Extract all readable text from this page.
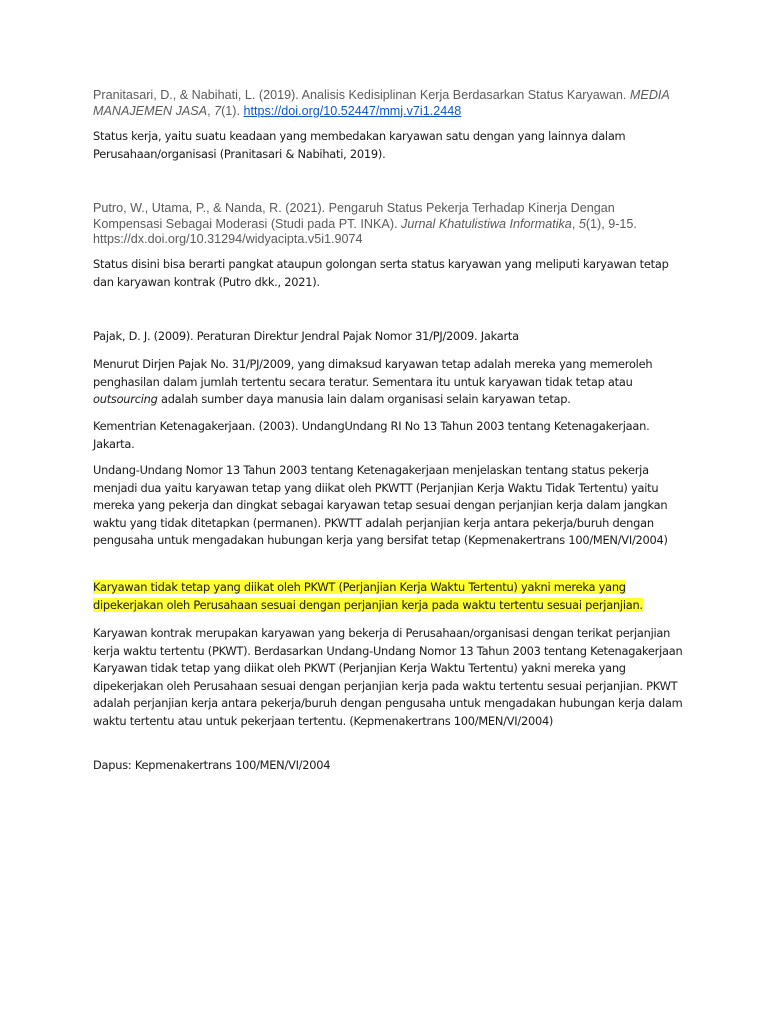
Pranitasari, D., & Nabihati, L. (2019). Analisis Kedisiplinan Kerja Berdasarkan Status Karyawan. MEDIA MANAJEMEN JASA, 7(1). https://doi.org/10.52447/mmj.v7i1.2448

Status kerja, yaitu suatu keadaan yang membedakan karyawan satu dengan yang lainnya dalam Perusahaan/organisasi (Pranitasari & Nabihati, 2019).

Putro, W., Utama, P., & Nanda, R. (2021). Pengaruh Status Pekerja Terhadap Kinerja Dengan Kompensasi Sebagai Moderasi (Studi pada PT. INKA). Jurnal Khatulistiwa Informatika, 5(1), 9-15. https://dx.doi.org/10.31294/widyacipta.v5i1.9074

Status disini bisa berarti pangkat ataupun golongan serta status karyawan yang meliputi karyawan tetap dan karyawan kontrak (Putro dkk., 2021).

Pajak, D. J. (2009). Peraturan Direktur Jendral Pajak Nomor 31/PJ/2009. Jakarta

Menurut Dirjen Pajak No. 31/PJ/2009, yang dimaksud karyawan tetap adalah mereka yang memeroleh penghasilan dalam jumlah tertentu secara teratur. Sementara itu untuk karyawan tidak tetap atau outsourcing adalah sumber daya manusia lain dalam organisasi selain karyawan tetap.

Kementrian Ketenagakerjaan. (2003). UndangUndang RI No 13 Tahun 2003 tentang Ketenagakerjaan. Jakarta.

Undang-Undang Nomor 13 Tahun 2003 tentang Ketenagakerjaan menjelaskan tentang status pekerja menjadi dua yaitu karyawan tetap yang diikat oleh PKWTT (Perjanjian Kerja Waktu Tidak Tertentu) yaitu mereka yang pekerja dan dingkat sebagai karyawan tetap sesuai dengan perjanjian kerja dalam jangkan waktu yang tidak ditetapkan (permanen). PKWTT adalah perjanjian kerja antara pekerja/buruh dengan pengusaha untuk mengadakan hubungan kerja yang bersifat tetap (Kepmenakertrans 100/MEN/VI/2004)

Karyawan tidak tetap yang diikat oleh PKWT (Perjanjian Kerja Waktu Tertentu) yakni mereka yang
dipekerjakan oleh Perusahaan sesuai dengan perjanjian kerja pada waktu tertentu sesuai perjanjian.

Karyawan kontrak merupakan karyawan yang bekerja di Perusahaan/organisasi dengan terikat perjanjian kerja waktu tertentu (PKWT). Berdasarkan Undang-Undang Nomor 13 Tahun 2003 tentang Ketenagakerjaan Karyawan tidak tetap yang diikat oleh PKWT (Perjanjian Kerja Waktu Tertentu) yakni mereka yang dipekerjakan oleh Perusahaan sesuai dengan perjanjian kerja pada waktu tertentu sesuai perjanjian. PKWT adalah perjanjian kerja antara pekerja/buruh dengan pengusaha untuk mengadakan hubungan kerja dalam waktu tertentu atau untuk pekerjaan tertentu. (Kepmenakertrans 100/MEN/VI/2004)

Dapus: Kepmenakertrans 100/MEN/VI/2004
